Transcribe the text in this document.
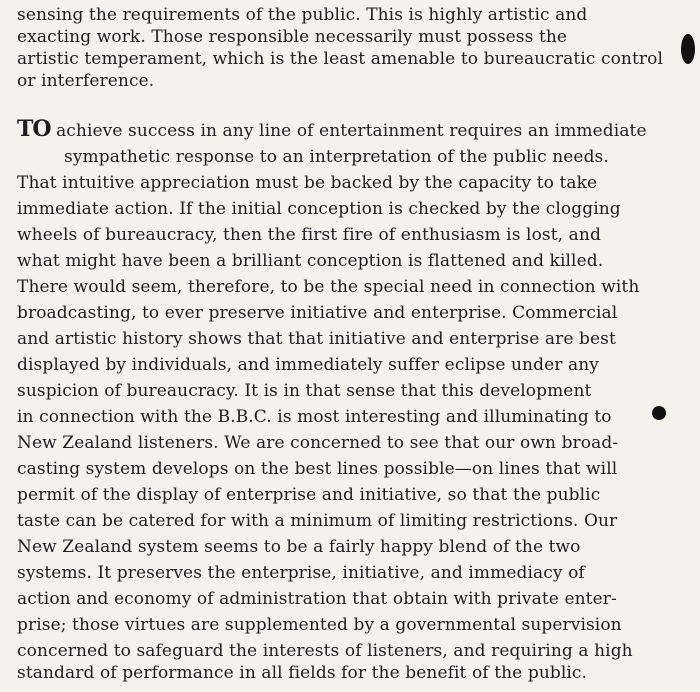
sensing the requirements of the public. This is highly artistic and
exacting work. Those responsible necessarily must possess the
artistic temperament, which is the least amenable to bureaucratic control
or interference.
TO achieve success in any line of entertainment requires an immediate
sympathetic response to an interpretation of the public needs.
That intuitive appreciation must be backed by the capacity to take
immediate action. If the initial conception is checked by the clogging
wheels of bureaucracy, then the first fire of enthusiasm is lost, and
what might have been a brilliant conception is flattened and killed.
There would seem, therefore, to be the special need in connection with
broadcasting, to ever preserve initiative and enterprise. Commercial
and artistic history shows that that initiative and enterprise are best
displayed by individuals, and immediately suffer eclipse under any
suspicion of bureaucracy. It is in that sense that this development
in connection with the B.B.C. is most interesting and illuminating to
New Zealand listeners. We are concerned to see that our own broad-
casting system develops on the best lines possible—on lines that will
permit of the display of enterprise and initiative, so that the public
taste can be catered for with a minimum of limiting restrictions. Our
New Zealand system seems to be a fairly happy blend of the two
systems. It preserves the enterprise, initiative, and immediacy of
action and economy of administration that obtain with private enter-
prise; those virtues are supplemented by a governmental supervision
concerned to safeguard the interests of listeners, and requiring a high
standard of performance in all fields for the benefit of the public.
